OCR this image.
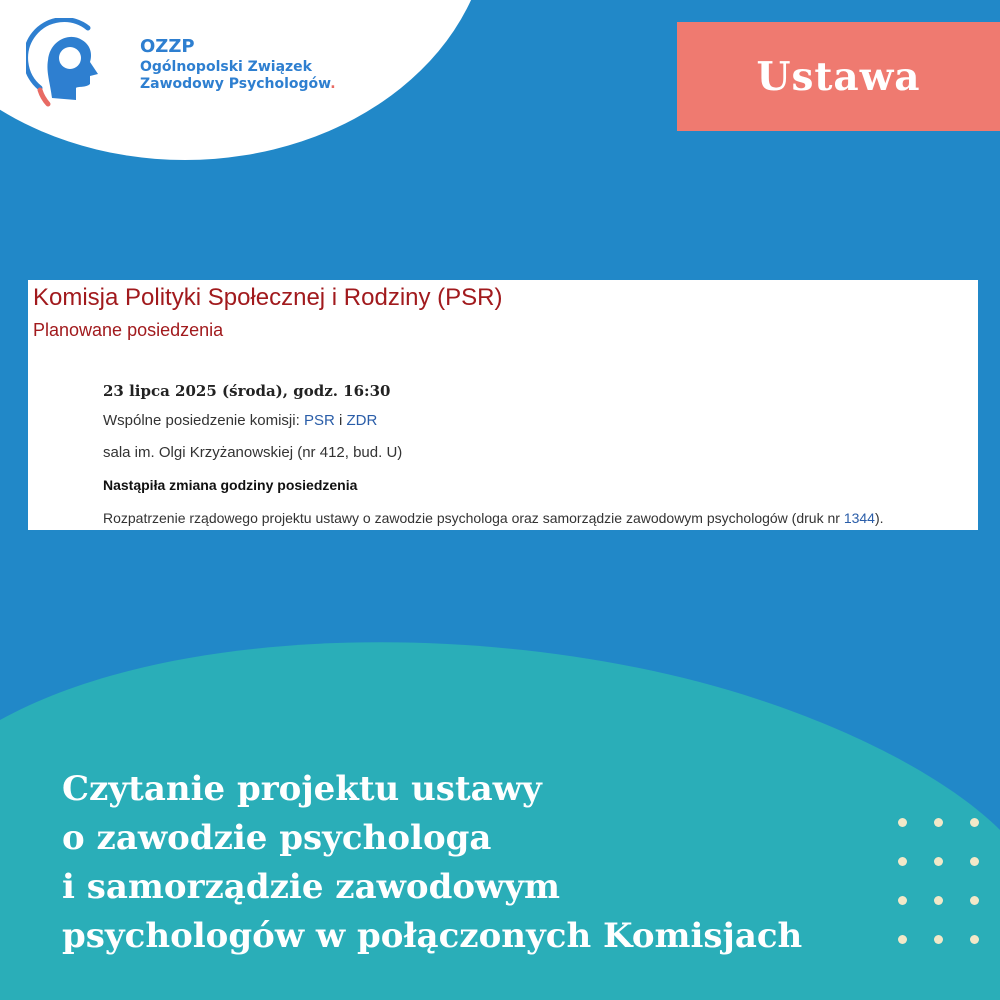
OZZP
Ogólnopolski Związek
Zawodowy Psychologów.	Ustawa
Komisja Polityki Społecznej i Rodziny (PSR)
Planowane posiedzenia
23 lipca 2025 (środa), godz. 16:30
Wspólne posiedzenie komisji: PSR i ZDR
sala im. Olgi Krzyżanowskiej (nr 412, bud. U)
Nastąpiła zmiana godziny posiedzenia
Rozpatrzenie rządowego projektu ustawy o zawodzie psychologa oraz samorządzie zawodowym psychologów (druk nr 1344).
Czytanie projektu ustawy
o zawodzie psychologa
i samorządzie zawodowym
psychologów w połączonych Komisjach
